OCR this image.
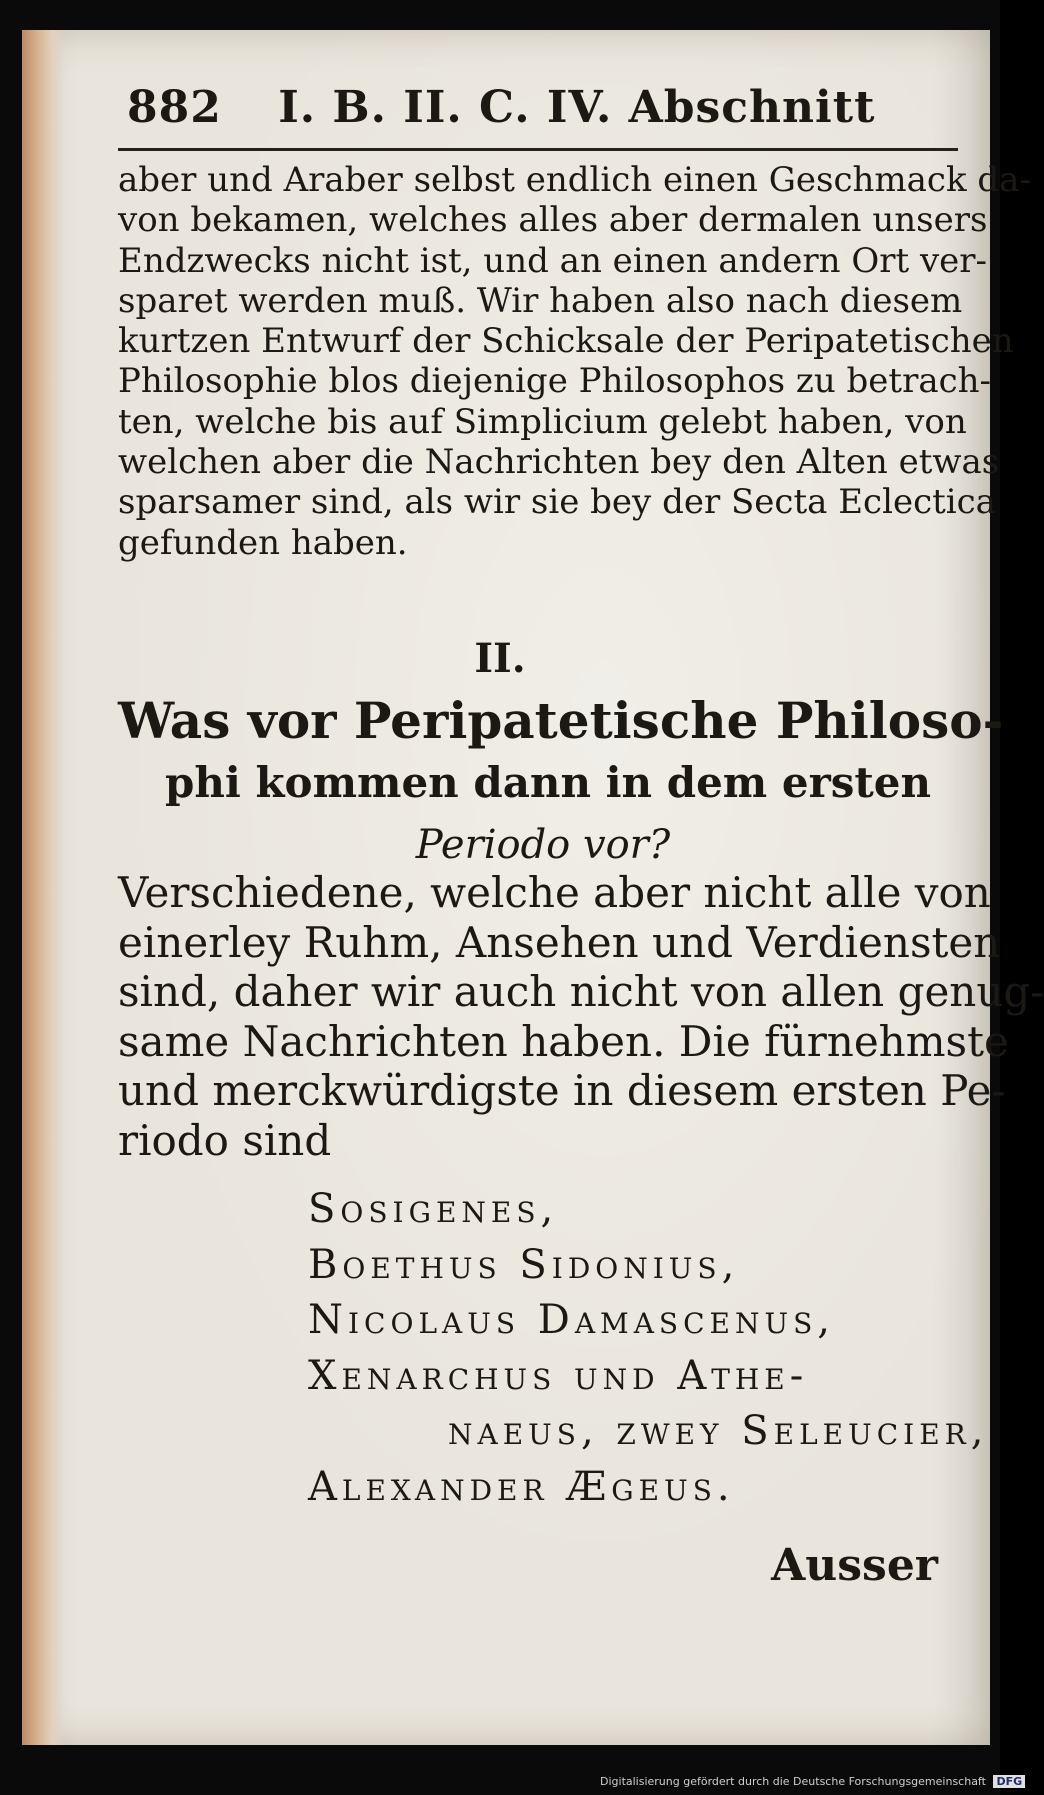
882 I. B. II. C. IV. Abschnitt
aber und Araber selbst endlich einen Geschmack da-
von bekamen, welches alles aber dermalen unsers
Endzwecks nicht ist, und an einen andern Ort ver-
sparet werden muß. Wir haben also nach diesem
kurtzen Entwurf der Schicksale der Peripatetischen
Philosophie blos diejenige Philosophos zu betrach-
ten, welche bis auf Simplicium gelebt haben, von
welchen aber die Nachrichten bey den Alten etwas
sparsamer sind, als wir sie bey der Secta Eclectica
gefunden haben.
II.
Was vor Peripatetische Philoso-
phi kommen dann in dem ersten
Periodo vor?
Verschiedene, welche aber nicht alle von
einerley Ruhm, Ansehen und Verdiensten
sind, daher wir auch nicht von allen genug-
same Nachrichten haben. Die fürnehmste
und merckwürdigste in diesem ersten Pe-
riodo sind
Sosigenes,
Boethus Sidonius,
Nicolaus Damascenus,
Xenarchus und Athe-
naeus, zwey Seleucier,
Alexander Ægeus.
Ausser
Digitalisierung gefördert durch die Deutsche Forschungsgemeinschaft DFG
